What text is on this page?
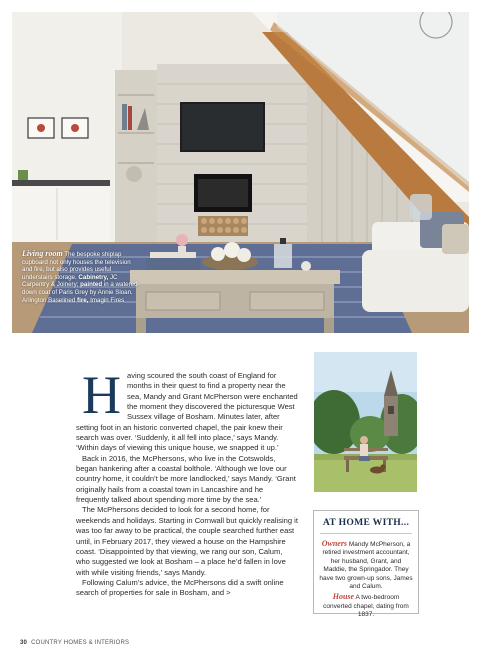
Living room The bespoke shiplap cupboard not only houses the television and fire, but also provides useful understairs storage. Cabinetry, JC Carpentry & Joinery; painted in a watered-down coat of Paris Grey by Annie Sloan. Arlington Baselined fire, Imagin Fires
H aving scoured the south coast of England for months in their quest to find a property near the sea, Mandy and Grant McPherson were enchanted the moment they discovered the picturesque West Sussex village of Bosham. Minutes later, after setting foot in an historic converted chapel, the pair knew their search was over. ‘Suddenly, it all fell into place,’ says Mandy. ‘Within days of viewing this unique house, we snapped it up.’

Back in 2016, the McPhersons, who live in the Cotswolds, began hankering after a coastal bolthole. ‘Although we love our country home, it couldn’t be more landlocked,’ says Mandy. ‘Grant originally hails from a coastal town in Lancashire and he frequently talked about spending more time by the sea.’

The McPhersons decided to look for a second home, for weekends and holidays. Starting in Cornwall but quickly realising it was too far away to be practical, the couple searched further east until, in February 2017, they viewed a house on the Hampshire coast. ‘Disappointed by that viewing, we rang our son, Calum, who suggested we look at Bosham – a place he’d fallen in love with while visiting friends,’ says Mandy.

Following Calum’s advice, the McPhersons did a swift online search of properties for sale in Bosham, and >

AT HOME WITH...
Owners Mandy McPherson, a retired investment accountant, her husband, Grant, and Maddie, the Springador. They have two grown-up sons, James and Calum.
House A two-bedroom converted chapel, dating from 1837.
30 COUNTRY HOMES & INTERIORS
